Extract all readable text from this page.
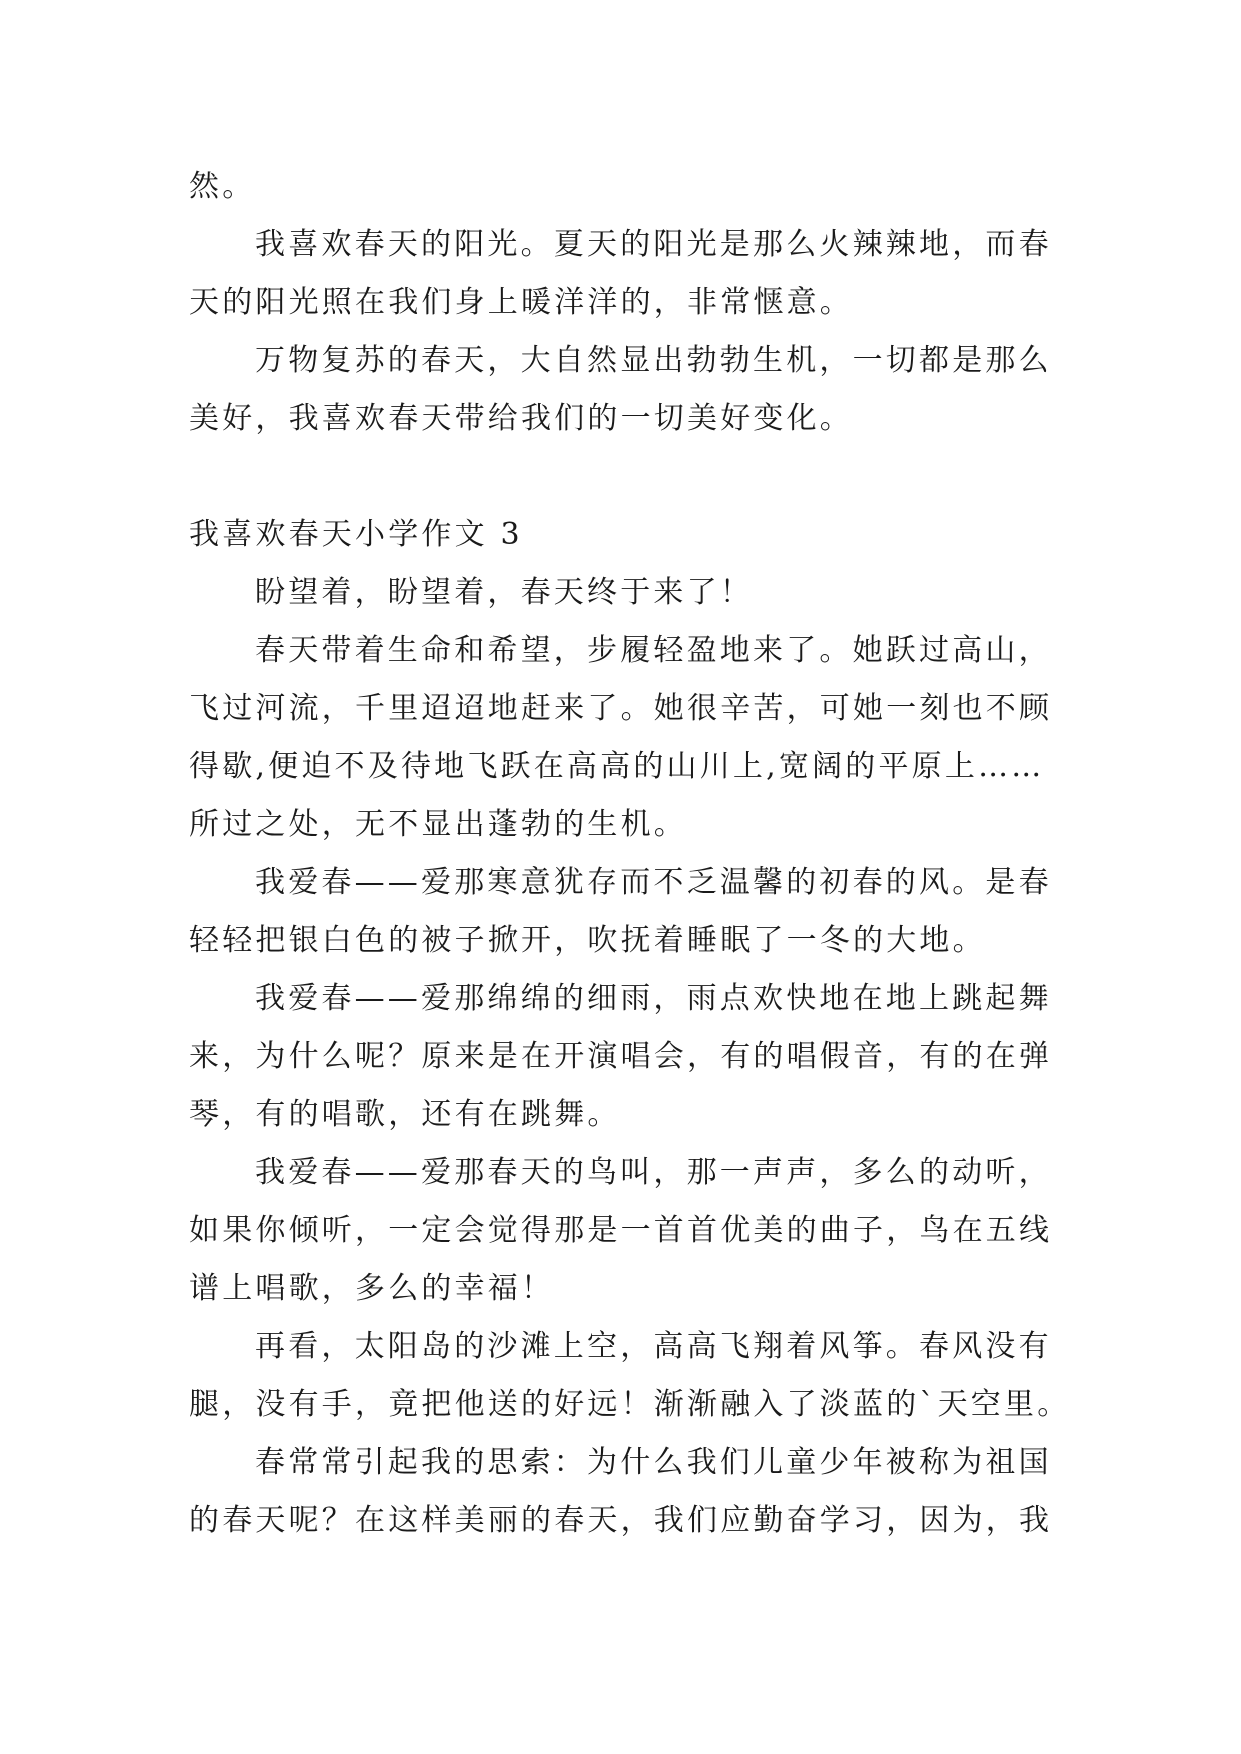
然。
我喜欢春天的阳光。夏天的阳光是那么火辣辣地，而春
天的阳光照在我们身上暖洋洋的，非常惬意。
万物复苏的春天，大自然显出勃勃生机，一切都是那么
美好，我喜欢春天带给我们的一切美好变化。
我喜欢春天小学作文 3
盼望着，盼望着，春天终于来了！
春天带着生命和希望，步履轻盈地来了。她跃过高山，
飞过河流，千里迢迢地赶来了。她很辛苦，可她一刻也不顾
得歇,便迫不及待地飞跃在高高的山川上,宽阔的平原上……
所过之处，无不显出蓬勃的生机。
我爱春——爱那寒意犹存而不乏温馨的初春的风。是春
轻轻把银白色的被子掀开，吹抚着睡眠了一冬的大地。
我爱春——爱那绵绵的细雨，雨点欢快地在地上跳起舞
来，为什么呢？原来是在开演唱会，有的唱假音，有的在弹
琴，有的唱歌，还有在跳舞。
我爱春——爱那春天的鸟叫，那一声声，多么的动听，
如果你倾听，一定会觉得那是一首首优美的曲子，鸟在五线
谱上唱歌，多么的幸福！
再看，太阳岛的沙滩上空，高高飞翔着风筝。春风没有
腿，没有手，竟把他送的好远！渐渐融入了淡蓝的`天空里。
春常常引起我的思索：为什么我们儿童少年被称为祖国
的春天呢？在这样美丽的春天，我们应勤奋学习，因为，我
